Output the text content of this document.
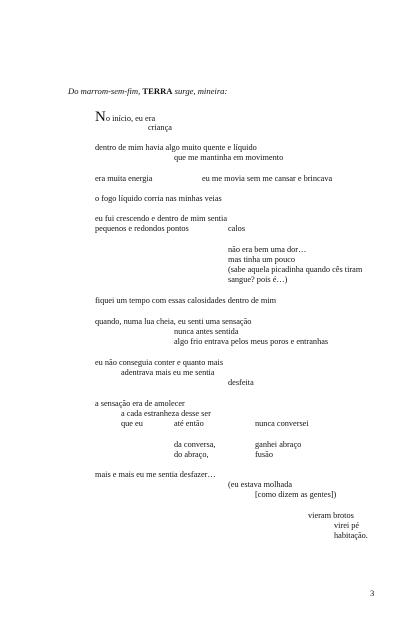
Do marrom-sem-fim, TERRA surge, mineira:
No início, eu era
criança
dentro de mim havia algo muito quente e líquido
que me mantinha em movimento
era muita energia	eu me movia sem me cansar e brincava
o fogo líquido corria nas minhas veias
eu fui crescendo e dentro de mim sentia
pequenos e redondos pontos	calos
não era bem uma dor…
mas tinha um pouco
(sabe aquela picadinha quando cês tiram
sangue? pois é…)
fiquei um tempo com essas calosidades dentro de mim
quando, numa lua cheia, eu senti uma sensação
nunca antes sentida
algo frio entrava pelos meus poros e entranhas
eu não conseguia conter e quanto mais
adentrava mais eu me sentia
desfeita
a sensação era de amolecer
a cada estranheza desse ser
que eu	até então	nunca conversei
da conversa,	ganhei abraço
do abraço,	fusão
mais e mais eu me sentia desfazer…
(eu estava molhada
[como dizem as gentes])
vieram brotos
virei pé
habitação.
3
